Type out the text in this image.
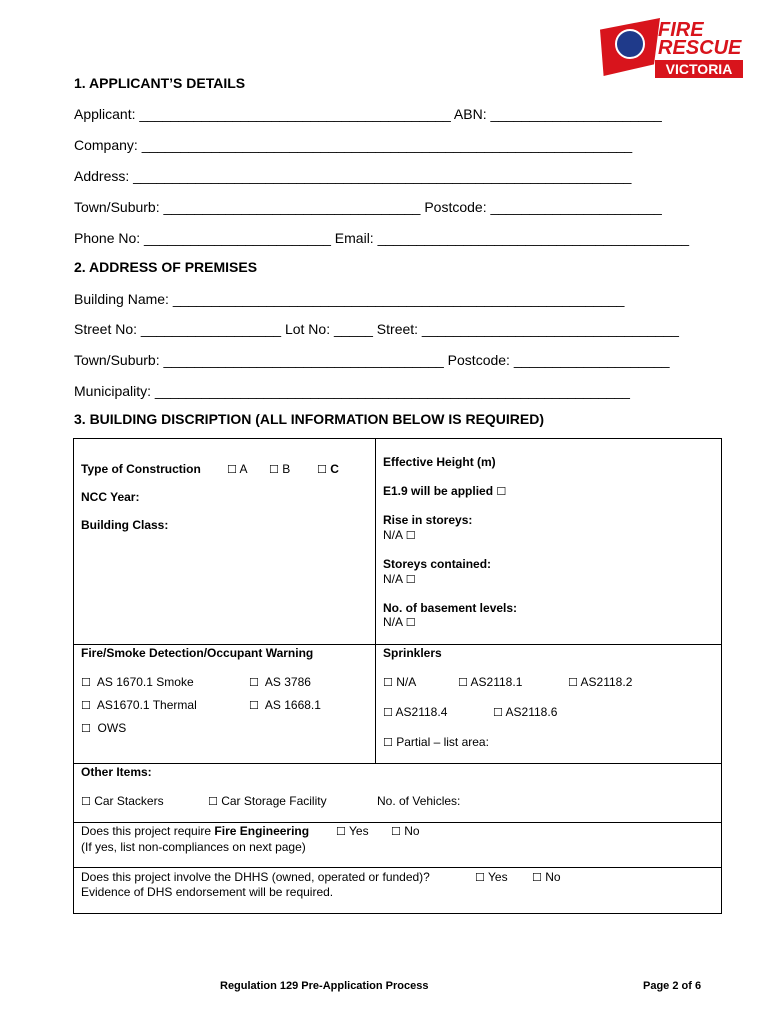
FIRE
RESCUE
VICTORIA
1. APPLICANT’S DETAILS
Applicant: ________________________________________ ABN: ______________________
Company: _______________________________________________________________
Address: ________________________________________________________________
Town/Suburb: _________________________________ Postcode: ______________________
Phone No: ________________________ Email: ________________________________________
2. ADDRESS OF PREMISES
Building Name: __________________________________________________________
Street No: __________________ Lot No: _____ Street: _________________________________
Town/Suburb: ____________________________________ Postcode: ____________________
Municipality: _____________________________________________________________
3. BUILDING DISCRIPTION (ALL INFORMATION BELOW IS REQUIRED)
Type of Construction ☐ A ☐ B ☐ C
NCC Year:
Building Class:
Effective Height (m)
E1.9 will be applied ☐
Rise in storeys:
N/A ☐
Storeys contained:
N/A ☐
No. of basement levels:
N/A ☐
Fire/Smoke Detection/Occupant Warning
☐ AS 1670.1 Smoke	☐ AS 3786
☐ AS1670.1 Thermal	☐ AS 1668.1
☐ OWS
Sprinklers
☐ N/A	☐ AS2118.1	☐ AS2118.2
☐ AS2118.4	☐ AS2118.6
☐ Partial – list area:
Other Items:
☐ Car Stackers	☐ Car Storage Facility	No. of Vehicles:
Does this project require Fire Engineering ☐ Yes ☐ No
(If yes, list non-compliances on next page)
Does this project involve the DHHS (owned, operated or funded)?	☐ Yes ☐ No
Evidence of DHS endorsement will be required.
Regulation 129 Pre-Application Process	Page 2 of 6
